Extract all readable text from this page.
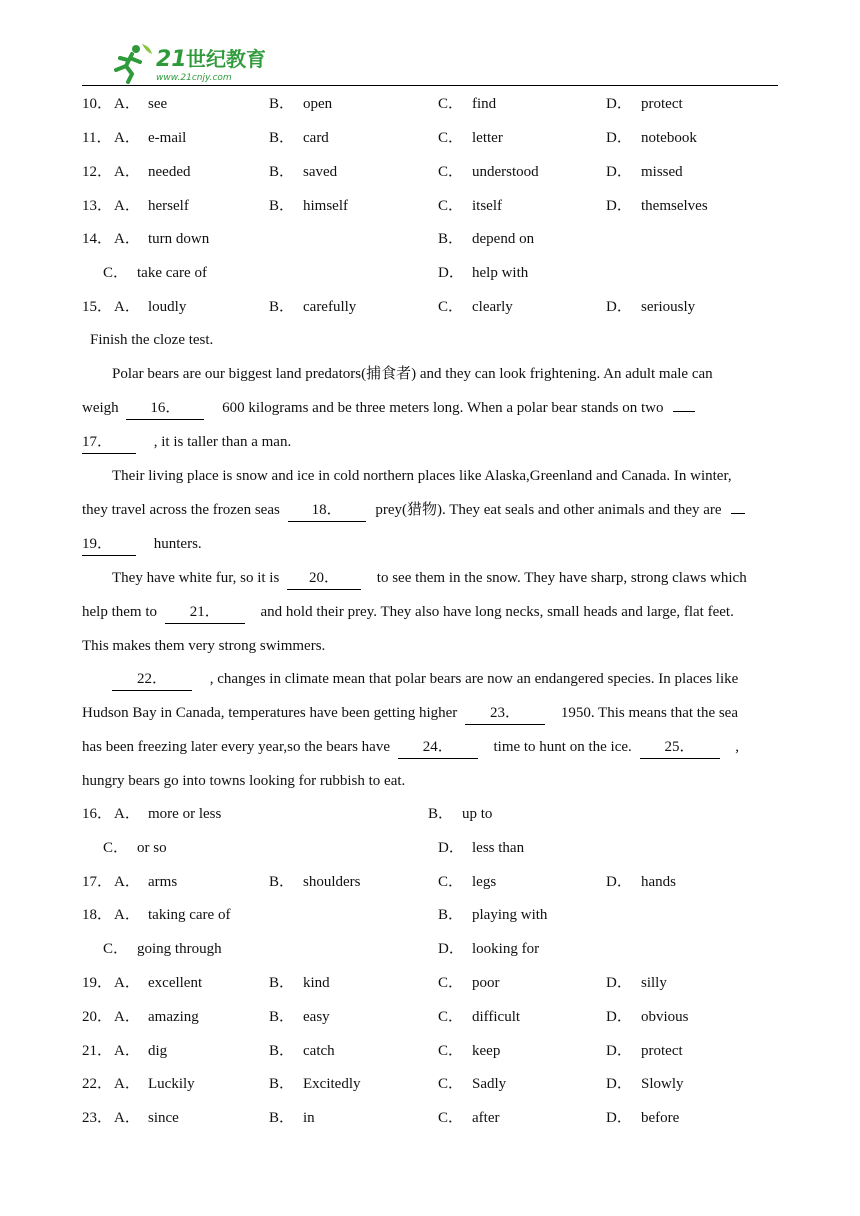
21 世纪教育
www.21cnjy.com
10． A． see	B． open	C． find	D． protect
11． A． e-mail	B． card	C． letter	D． notebook
12． A． needed	B． saved	C． understood	D． missed
13． A． herself	B． himself	C． itself	D． themselves
14． A． turn down	B． depend on
C． take care of	D． help with
15． A． loudly	B． carefully	C． clearly	D． seriously
Finish the cloze test.
Polar bears are our biggest land predators(捕食者) and they can look frightening. An adult male can
weigh 16．	600 kilograms and be three meters long. When a polar bear stands on two
17．	, it is taller than a man.
Their living place is snow and ice in cold northern places like Alaska,Greenland and Canada. In winter,
they travel across the frozen seas 18． prey(猎物). They eat seals and other animals and they are
19．	hunters.
They have white fur, so it is 20．	to see them in the snow. They have sharp, strong claws which
help them to 21．	and hold their prey. They also have long necks, small heads and large, flat feet.
This makes them very strong swimmers.
22．	, changes in climate mean that polar bears are now an endangered species. In places like
Hudson Bay in Canada, temperatures have been getting higher 23．	1950. This means that the sea
has been freezing later every year,so the bears have 24．	time to hunt on the ice. 25．	,
hungry bears go into towns looking for rubbish to eat.
16． A． more or less	B． up to
C． or so	D． less than
17． A． arms	B． shoulders	C． legs	D． hands
18． A． taking care of	B． playing with
C． going through	D． looking for
19． A． excellent	B． kind	C． poor	D． silly
20． A． amazing	B． easy	C． difficult	D． obvious
21． A． dig	B． catch	C． keep	D． protect
22． A． Luckily	B． Excitedly	C． Sadly	D． Slowly
23． A． since	B． in	C． after	D． before
